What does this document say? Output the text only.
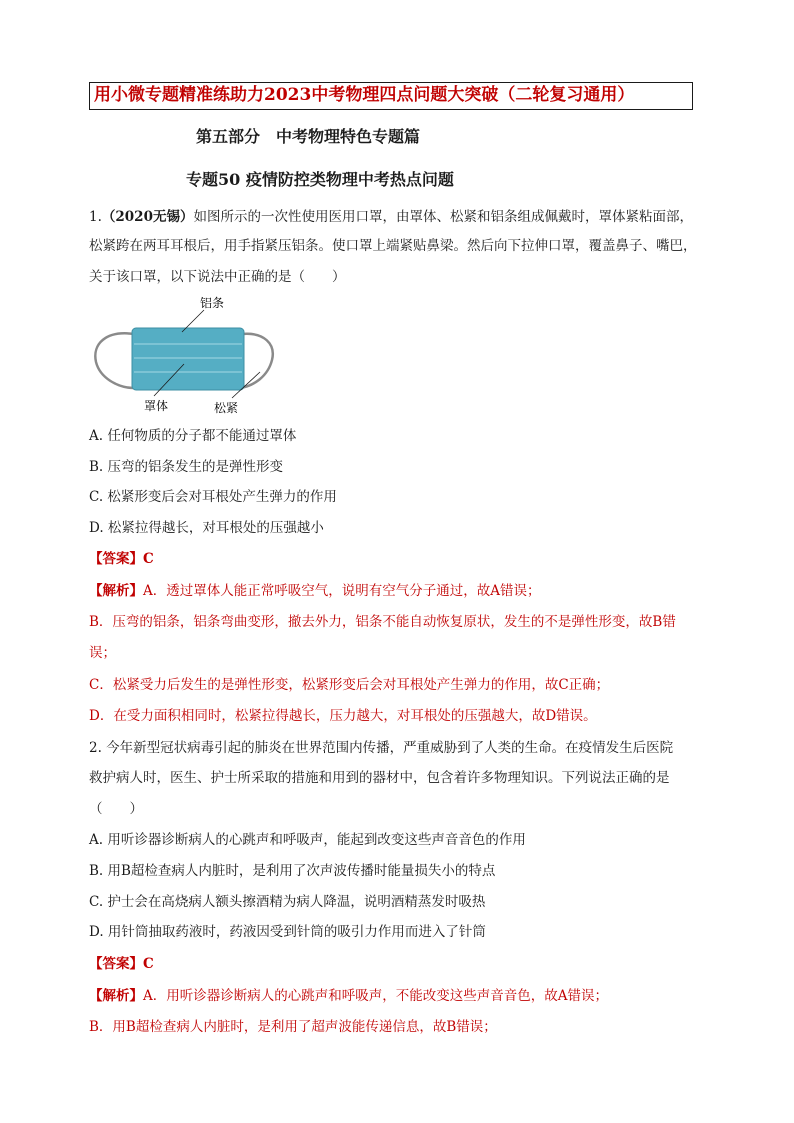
用小微专题精准练助力2023中考物理四点问题大突破（二轮复习通用）
第五部分　中考物理特色专题篇
专题50 疫情防控类物理中考热点问题
1.（2020无锡）如图所示的一次性使用医用口罩，由罩体、松紧和铝条组成佩戴时，罩体紧粘面部，
松紧跨在两耳耳根后，用手指紧压铝条。使口罩上端紧贴鼻梁。然后向下拉伸口罩，覆盖鼻子、嘴巴，
关于该口罩，以下说法中正确的是（　　）
铝条
罩体	松紧
A. 任何物质的分子都不能通过罩体
B. 压弯的铝条发生的是弹性形变
C. 松紧形变后会对耳根处产生弹力的作用
D. 松紧拉得越长，对耳根处的压强越小
【答案】C
【解析】A．透过罩体人能正常呼吸空气，说明有空气分子通过，故A错误；
B．压弯的铝条，铝条弯曲变形，撤去外力，铝条不能自动恢复原状，发生的不是弹性形变，故B错
误；
C．松紧受力后发生的是弹性形变，松紧形变后会对耳根处产生弹力的作用，故C正确；
D．在受力面积相同时，松紧拉得越长，压力越大，对耳根处的压强越大，故D错误。
2. 今年新型冠状病毒引起的肺炎在世界范围内传播，严重威胁到了人类的生命。在疫情发生后医院
救护病人时，医生、护士所采取的措施和用到的器材中，包含着许多物理知识。下列说法正确的是
（　　）
A. 用听诊器诊断病人的心跳声和呼吸声，能起到改变这些声音音色的作用
B. 用B超检查病人内脏时，是利用了次声波传播时能量损失小的特点
C. 护士会在高烧病人额头擦酒精为病人降温，说明酒精蒸发时吸热
D. 用针筒抽取药液时，药液因受到针筒的吸引力作用而进入了针筒
【答案】C
【解析】A．用听诊器诊断病人的心跳声和呼吸声，不能改变这些声音音色，故A错误；
B．用B超检查病人内脏时，是利用了超声波能传递信息，故B错误；
